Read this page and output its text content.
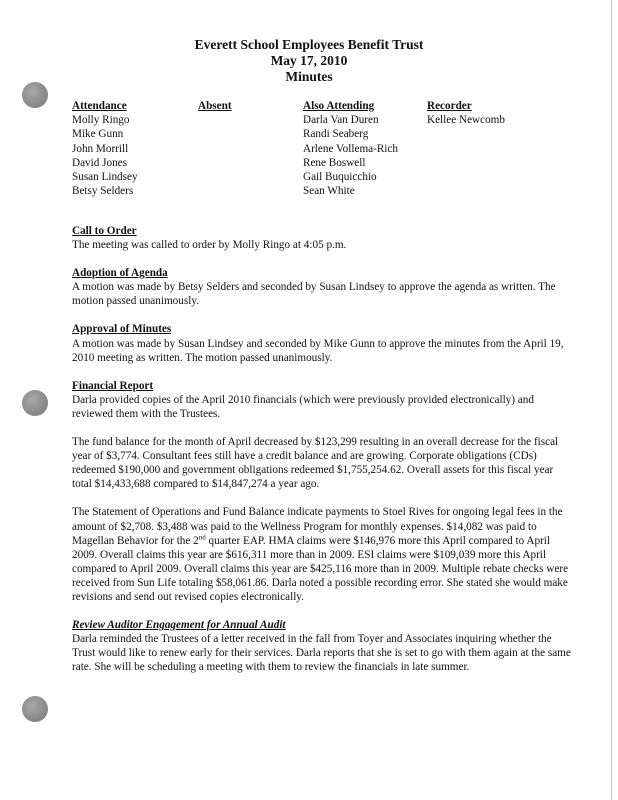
Everett School Employees Benefit Trust
May 17, 2010
Minutes
Attendance
Molly Ringo
Mike Gunn
John Morrill
David Jones
Susan Lindsey
Betsy Selders
Absent	Also Attending
Darla Van Duren
Randi Seaberg
Arlene Vollema-Rich
Rene Boswell
Gail Buquicchio
Sean White
Recorder
Kellee Newcomb
Call to Order

The meeting was called to order by Molly Ringo at 4:05 p.m.

Adoption of Agenda

A motion was made by Betsy Selders and seconded by Susan Lindsey to approve the agenda as written. The motion passed unanimously.

Approval of Minutes

A motion was made by Susan Lindsey and seconded by Mike Gunn to approve the minutes from the April 19, 2010 meeting as written. The motion passed unanimously.

Financial Report

Darla provided copies of the April 2010 financials (which were previously provided electronically) and reviewed them with the Trustees.

The fund balance for the month of April decreased by $123,299 resulting in an overall decrease for the fiscal year of $3,774. Consultant fees still have a credit balance and are growing. Corporate obligations (CDs) redeemed $190,000 and government obligations redeemed $1,755,254.62. Overall assets for this fiscal year total $14,433,688 compared to $14,847,274 a year ago.

The Statement of Operations and Fund Balance indicate payments to Stoel Rives for ongoing legal fees in the amount of $2,708. $3,488 was paid to the Wellness Program for monthly expenses. $14,082 was paid to Magellan Behavior for the 2nd quarter EAP. HMA claims were $146,976 more this April compared to April 2009. Overall claims this year are $616,311 more than in 2009. ESI claims were $109,039 more this April compared to April 2009. Overall claims this year are $425,116 more than in 2009. Multiple rebate checks were received from Sun Life totaling $58,061.86. Darla noted a possible recording error. She stated she would make revisions and send out revised copies electronically.

Review Auditor Engagement for Annual Audit

Darla reminded the Trustees of a letter received in the fall from Toyer and Associates inquiring whether the Trust would like to renew early for their services. Darla reports that she is set to go with them again at the same rate. She will be scheduling a meeting with them to review the financials in late summer.
